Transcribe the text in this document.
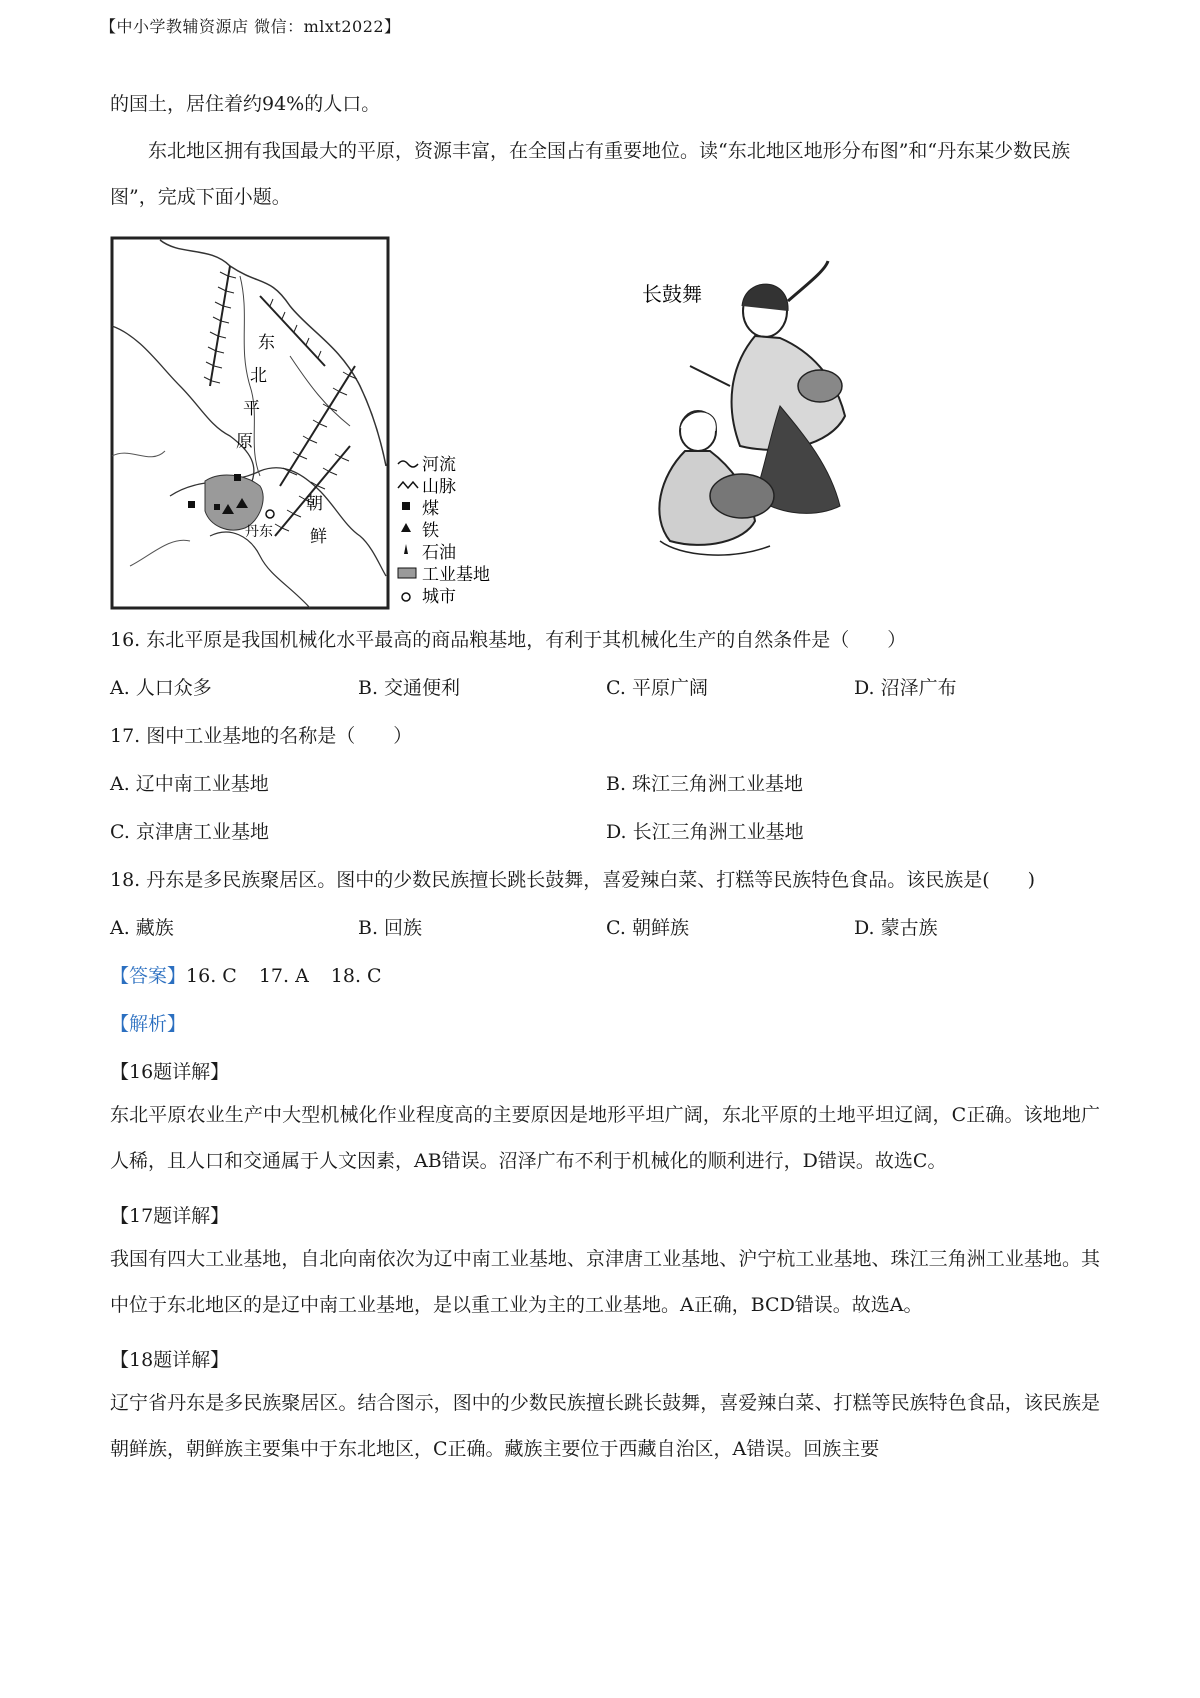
【中小学教辅资源店 微信：mlxt2022】

的国土，居住着约94%的人口。

东北地区拥有我国最大的平原，资源丰富，在全国占有重要地位。读“东北地区地形分布图”和“丹东某少数民族图”，完成下面小题。

东
北
平
原
朝
鲜
丹东
河流
山脉
煤
铁
石油
工业基地
城市
长鼓舞

16. 东北平原是我国机械化水平最高的商品粮基地，有利于其机械化生产的自然条件是（　　）

A. 人口众多	B. 交通便利	C. 平原广阔	D. 沼泽广布

17. 图中工业基地的名称是（　　）

A. 辽中南工业基地	B. 珠江三角洲工业基地
C. 京津唐工业基地	D. 长江三角洲工业基地

18. 丹东是多民族聚居区。图中的少数民族擅长跳长鼓舞，喜爱辣白菜、打糕等民族特色食品。该民族是(　　)

A. 藏族	B. 回族	C. 朝鲜族	D. 蒙古族

【答案】16. C 17. A 18. C

【解析】

【16题详解】

东北平原农业生产中大型机械化作业程度高的主要原因是地形平坦广阔，东北平原的土地平坦辽阔，C正确。该地地广人稀，且人口和交通属于人文因素，AB错误。沼泽广布不利于机械化的顺利进行，D错误。故选C。

【17题详解】

我国有四大工业基地，自北向南依次为辽中南工业基地、京津唐工业基地、沪宁杭工业基地、珠江三角洲工业基地。其中位于东北地区的是辽中南工业基地，是以重工业为主的工业基地。A正确，BCD错误。故选A。

【18题详解】

辽宁省丹东是多民族聚居区。结合图示，图中的少数民族擅长跳长鼓舞，喜爱辣白菜、打糕等民族特色食品，该民族是朝鲜族，朝鲜族主要集中于东北地区，C正确。藏族主要位于西藏自治区，A错误。回族主要
